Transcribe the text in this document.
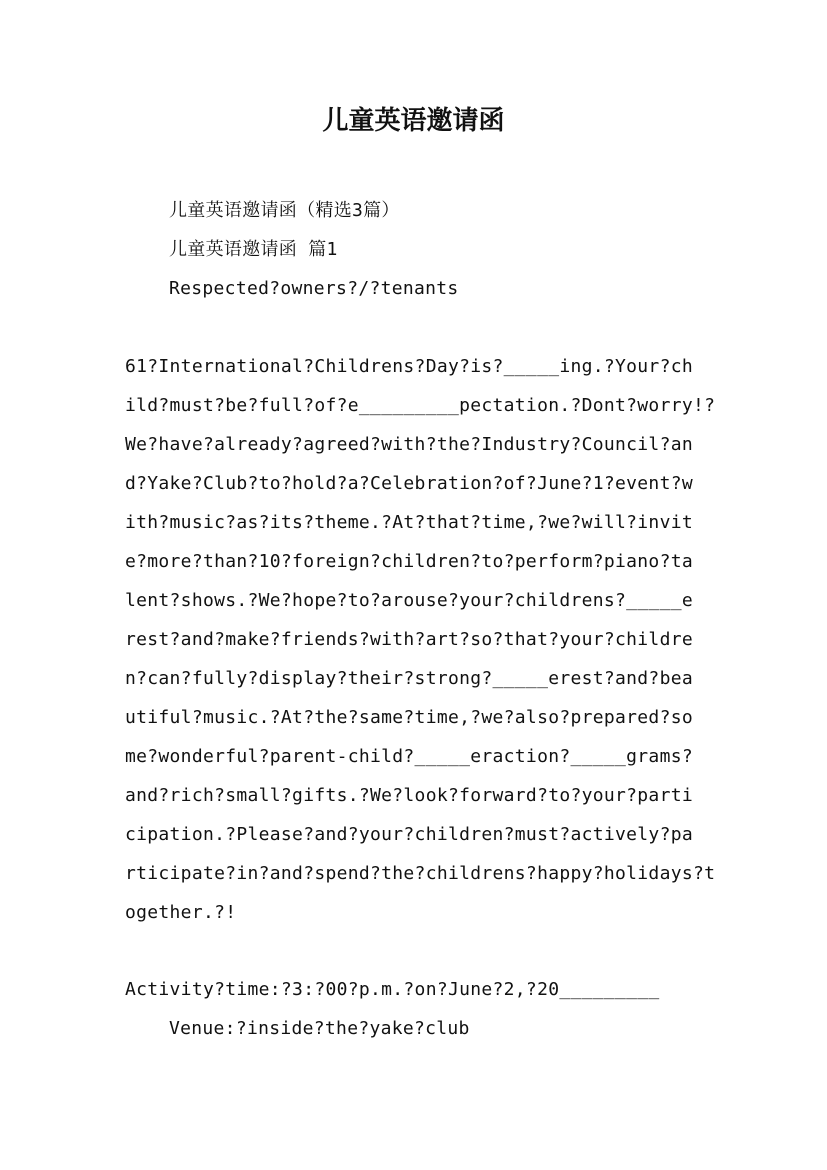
儿童英语邀请函
儿童英语邀请函（精选3篇）
儿童英语邀请函 篇1
Respected?owners?/?tenants
61?International?Childrens?Day?is?_____ing.?Your?ch
ild?must?be?full?of?e_________pectation.?Dont?worry!?
We?have?already?agreed?with?the?Industry?Council?an
d?Yake?Club?to?hold?a?Celebration?of?June?1?event?w
ith?music?as?its?theme.?At?that?time,?we?will?invit
e?more?than?10?foreign?children?to?perform?piano?ta
lent?shows.?We?hope?to?arouse?your?childrens?_____e
rest?and?make?friends?with?art?so?that?your?childre
n?can?fully?display?their?strong?_____erest?and?bea
utiful?music.?At?the?same?time,?we?also?prepared?so
me?wonderful?parent-child?_____eraction?_____grams?
and?rich?small?gifts.?We?look?forward?to?your?parti
cipation.?Please?and?your?children?must?actively?pa
rticipate?in?and?spend?the?childrens?happy?holidays?t
ogether.?!
Activity?time:?3:?00?p.m.?on?June?2,?20_________
Venue:?inside?the?yake?club
